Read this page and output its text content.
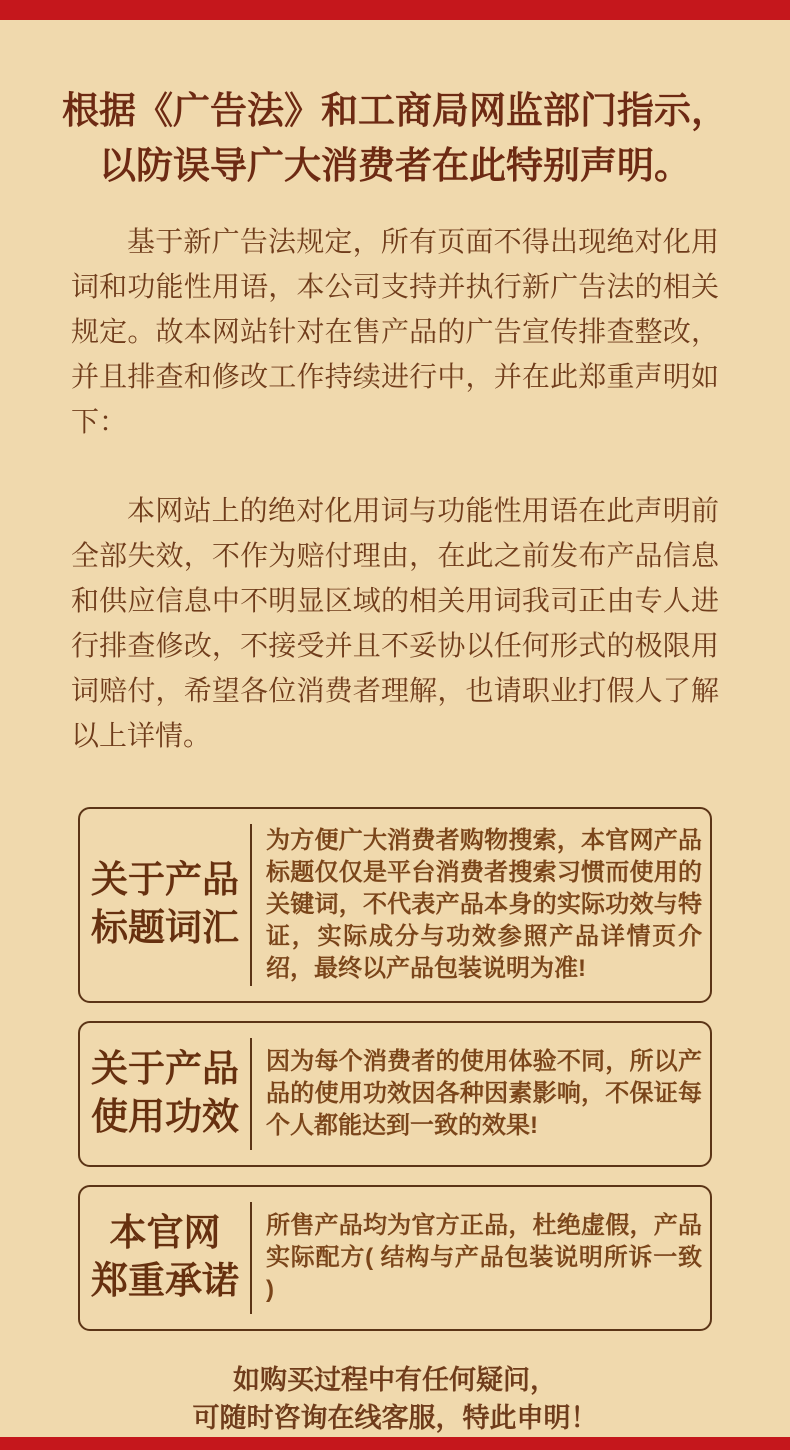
根据《广告法》和工商局网监部门指示，
以防误导广大消费者在此特别声明。

基于新广告法规定，所有页面不得出现绝对化用词和功能性用语，本公司支持并执行新广告法的相关规定。故本网站针对在售产品的广告宣传排查整改，并且排查和修改工作持续进行中，并在此郑重声明如下：

本网站上的绝对化用词与功能性用语在此声明前全部失效，不作为赔付理由，在此之前发布产品信息和供应信息中不明显区域的相关用词我司正由专人进行排查修改，不接受并且不妥协以任何形式的极限用词赔付，希望各位消费者理解，也请职业打假人了解以上详情。

关于产品
标题词汇
为方便广大消费者购物搜索，本官网产品标题仅仅是平台消费者搜索习惯而使用的关键词，不代表产品本身的实际功效与特证，实际成分与功效参照产品详情页介绍，最终以产品包装说明为准!
关于产品
使用功效
因为每个消费者的使用体验不同，所以产品的使用功效因各种因素影响，不保证每个人都能达到一致的效果!
本官网
郑重承诺
所售产品均为官方正品，杜绝虚假，产品实际配方( 结构与产品包装说明所诉一致 )
如购买过程中有任何疑问，
可随时咨询在线客服，特此申明！
